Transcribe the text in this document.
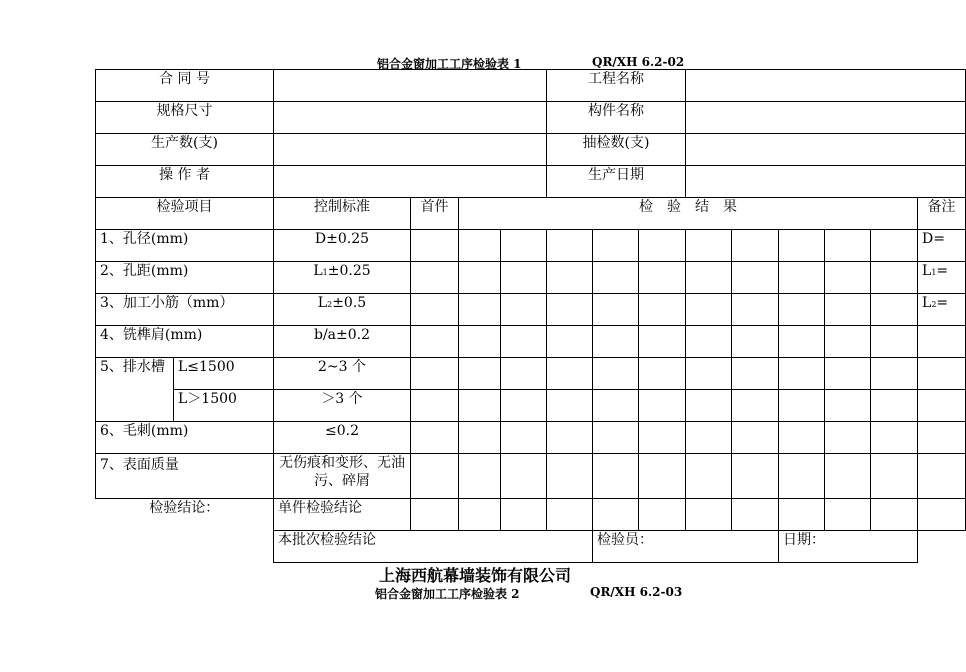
铝合金窗加工工序检验表 1	QR/XH 6.2-02
合 同 号						工程名称								
规格尺寸						构件名称								
生产数(支)						抽检数(支)								
操 作 者						生产日期								
检验项目		控制标准	首件	检　验　结　果										备注
1、孔径(mm)		D±0.25												D=
2、孔距(mm)		L1±0.25												L1=
3、加工小筋（mm）		L2±0.5												L2=
4、铣榫肩(mm)		b/a±0.2												
5、排水槽	L≤1500	2~3 个												
	L＞1500	＞3 个												
6、毛刺(mm)		≤0.2												
7、表面质量		无伤痕和变形、无油污、碎屑												
检验结论：		单件检验结论												
		本批次检验结论					检验员：				日期：			
上海西航幕墙装饰有限公司
铝合金窗加工工序检验表 2	QR/XH 6.2-03
